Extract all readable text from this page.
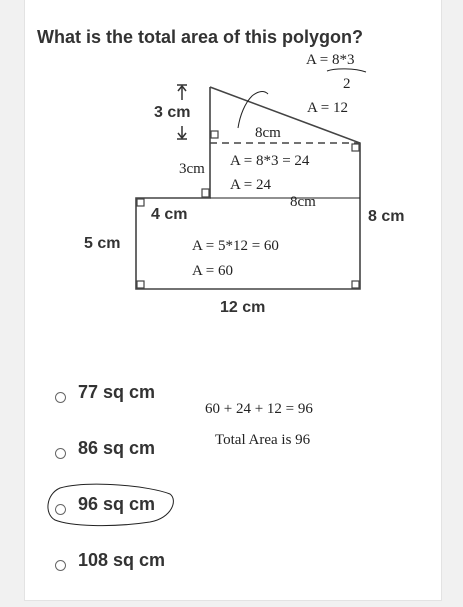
What is the total area of this polygon?
3 cm
4 cm
5 cm
8 cm
12 cm
A = 8*3
2
A = 12
8cm
3cm A = 8*3 = 24
A = 24
8cm
A = 5*12 = 60
A = 60
60 + 24 + 12 = 96
Total Area is 96
77 sq cm
86 sq cm
96 sq cm
108 sq cm
